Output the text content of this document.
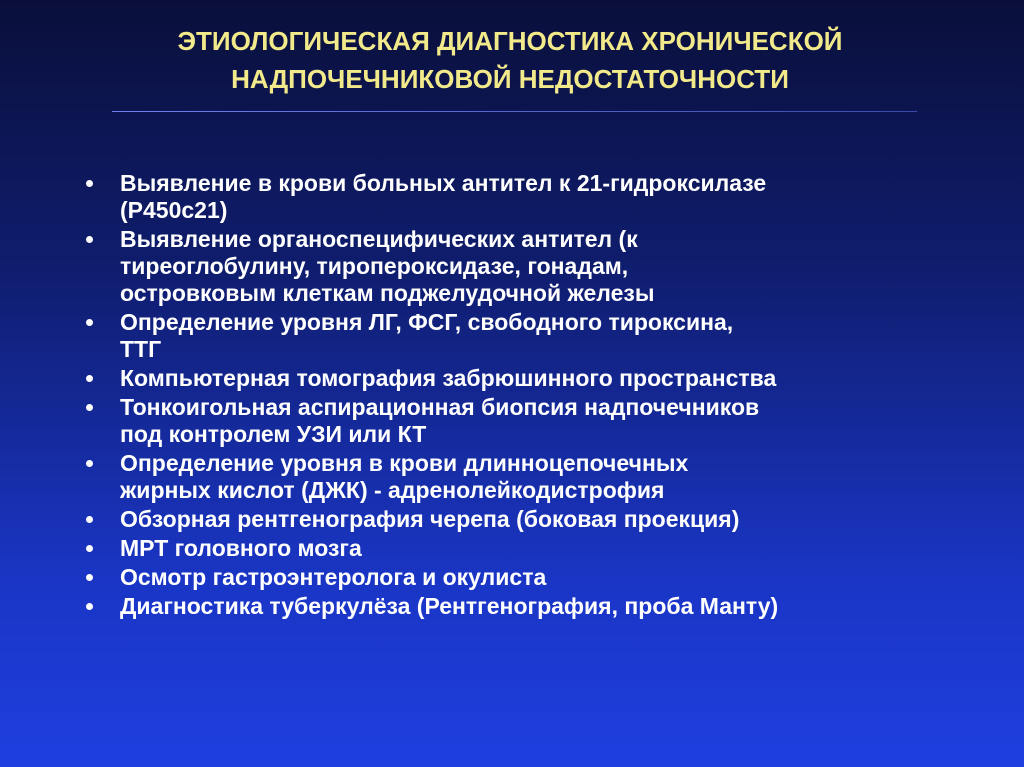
ЭТИОЛОГИЧЕСКАЯ ДИАГНОСТИКА ХРОНИЧЕСКОЙ
НАДПОЧЕЧНИКОВОЙ НЕДОСТАТОЧНОСТИ
Выявление в крови больных антител к 21-гидроксилазе
(Р450с21)
Выявление органоспецифических антител (к
тиреоглобулину, тиропероксидазе, гонадам,
островковым клеткам поджелудочной железы
Определение уровня ЛГ, ФСГ, свободного тироксина,
ТТГ
Компьютерная томография забрюшинного пространства
Тонкоигольная аспирационная биопсия надпочечников
под контролем УЗИ или КТ
Определение уровня в крови длинноцепочечных
жирных кислот (ДЖК) - адренолейкодистрофия
Обзорная рентгенография черепа (боковая проекция)
МРТ головного мозга
Осмотр гастроэнтеролога и окулиста
Диагностика туберкулёза (Рентгенография, проба Манту)
